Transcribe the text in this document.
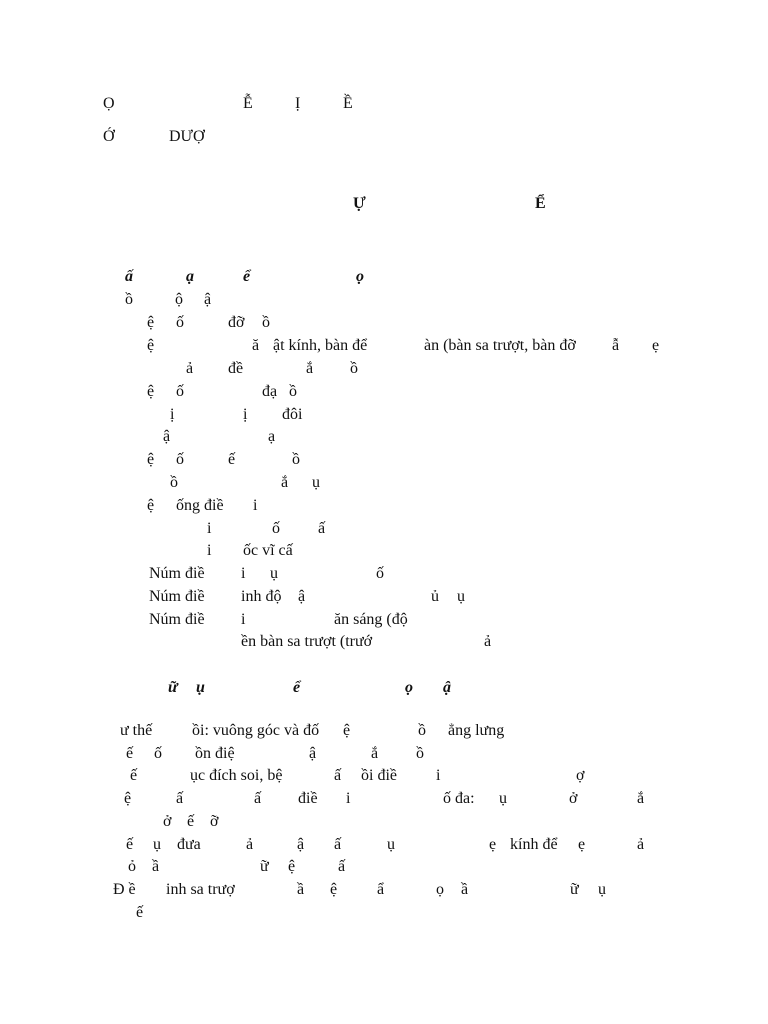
Ọ	Ễ	Ị	Ề
Ớ	DƯỢ
Ự	Ể
ấ	ạ	ể	ọ
ồ	ộ ậ
ệ ố	đỡ ồ
ệ	ă ật kính, bàn để	àn (bàn sa trượt, bàn đỡ ẫ ẹ
ả đề	ắ ồ
ệ ố	đạ ồ
ị	ị đôi
ậ	ạ
ệ ố	ế	ồ
ồ	ắ ụ
ệ ống điề i
i	ố ấ
i ốc vĩ cấ
Núm điề i ụ	ố
Núm điề inh độ ậ	ủ ụ
Núm điề i	ăn sáng (độ
ền bàn sa trượt (trướ	ả
ữ ụ	ể	ọ ậ
ư thế ồi: vuông góc và đố ệ	ồ ẳng lưng
ế ố ồn điệ	ậ	ắ ồ
ế	ục đích soi, bệ	ấ ồi điề i	ợ
ệ	ấ	ấ điề i	ố đa: ụ	ở	ắ
ở ế ỡ
ế ụ đưa	ả	ậ ấ	ụ	ẹ kính để ẹ	ả
ỏ ầ	ữ ệ	ấ
Đ ề inh sa trượ	ầ ệ ẩ	ọ ầ	ữ ụ
ế
